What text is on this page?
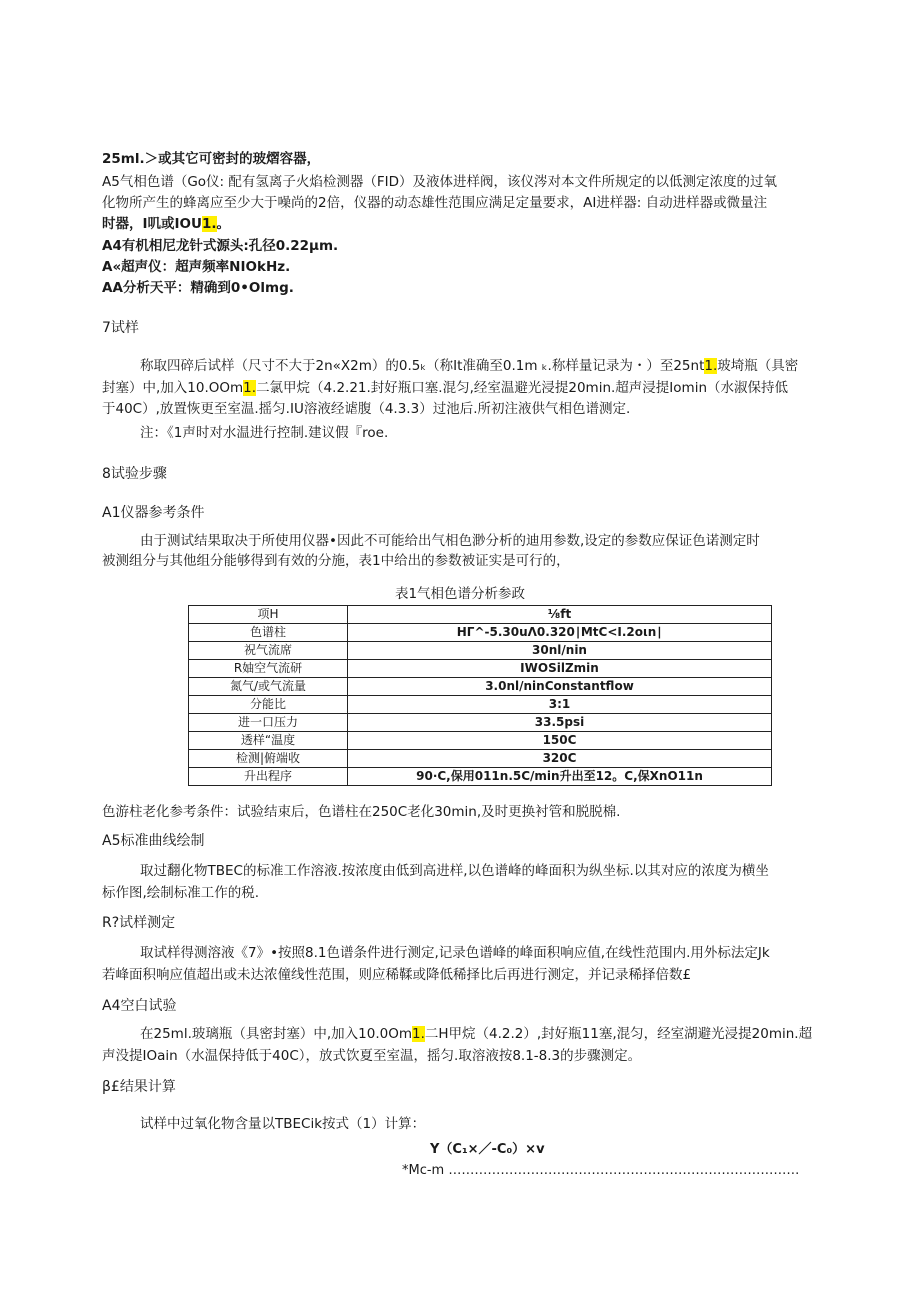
25ml.＞或其它可密封的玻熠容器，
A5气相色谱（Go仪: 配有氢离子火焰检测器（FID）及液体进样阀，该仪涔对本文件所规定的以低测定浓度的过氧
化物所产生的蜂离应至少大于噪尚的2倍，仪器的动态雄性范围应满足定量要求，AI进样器: 自动进样器或微量注
时器，I叽或IOU1.。
A4有机相尼龙针式源头:孔径0.22μm.
A«超声仪：超声频率NIOkHz.
AA分析天平：精确到0•Olmg.
7试样
称取四碎后试样（尺寸不大于2n«X2m）的0.5ₖ（称It准确至0.1m ₖ.称样量记录为・）至25nt1.玻埼瓶（具密
封塞）中,加入10.OOm1.二氯甲烷（4.2.21.封好瓶口塞.混匀,经室温避光浸提20min.超声浸提Iomin（水淑保持低
于40C）,放置恢更至室温.摇匀.IU溶液经谑腹（4.3.3）过池后.所初注液供气相色谱测定.
注：《1声时对水温进行控制.建议假『roe.
8试验步骤
A1仪器参考条件
由于测试结果取决于所使用仪器•因此不可能给出气相色渺分析的迪用参数,设定的参数应保证色诺测定时
被测组分与其他组分能够得到有效的分施，表1中给出的参数被证实是可行的，
表1气相色谱分析参政
项H	⅛ft
色谱柱	HΓ^-5.30uΛ0.320∣MtC<I.2oιn∣
祝气流席	30nl/nin
R妯空气流研	IWOSilZmin
氮气/或气流量	3.0nl/ninConstantflow
分能比	3:1
进一口压力	33.5psi
透样“温度	150C
检测|俯端收	320C
升出程序	90∙C,保用011n.5C/min升出至12。C,保XnO11n
色游柱老化参考条件：试验结束后，色谱柱在250C老化30min,及时更换衬管和脱脱棉.
A5标准曲线绘制
取过翻化物TBEC的标准工作溶液.按浓度由低到高进样,以色谱峰的峰面积为纵坐标.以其对应的浓度为横坐
标作图,绘制标准工作的税.
R?试样测定
取试样得测溶液《7》•按照8.1色谱条件进行测定,记录色谱峰的峰面积响应值,在线性范围内.用外标法定Jk
若峰面积响应值超出或未达浓僮线性范围，则应稀鞣或降低稀择比后再进行测定，并记录稀择倍数£
A4空白试验
在25ml.玻璃瓶（具密封塞）中,加入10.0Om1.二H甲烷（4.2.2）,封好瓶11塞,混匀，经室湖避光浸提20min.超
声没提IOain（水温保持低于40C），放式饮夏至室温，摇匀.取溶液按8.1-8.3的步骤测定。
β£结果计算
试样中过氧化物含量以TBECik按式（1）计算：
Y（C₁×／-C₀）×v
*Mc-m ………………………………………………………………………
